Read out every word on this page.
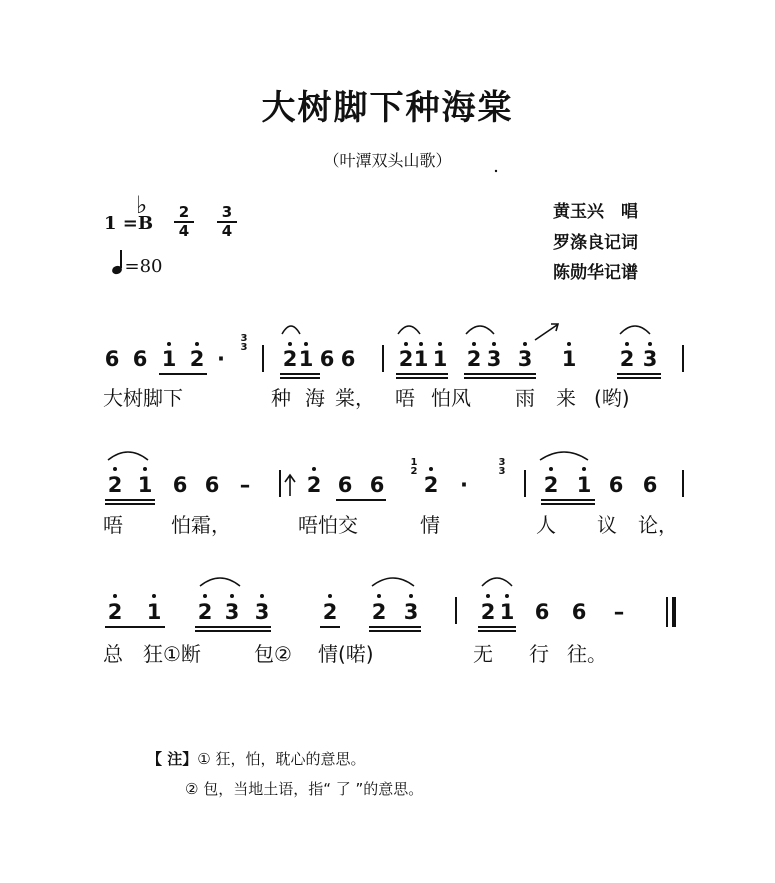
大树脚下种海棠
（叶潭双头山歌）
黄玉兴　唱
罗涤良记词
陈勋华记谱
1 =B
♭ $\frac{2}{4} \frac{3}{4}$
=80
6 6 1 2 ·
3
3 2 1 6 6 2 1 1 2 3 3 1 2 3
大树脚下	种 海 棠， 唔 怕风 雨 来 (哟)
2 1 6 6 –	2 6 6
1
2
2 ·
3
3
2 1 6 6
唔 怕霜，	唔怕交	情	人 议 论，
2 1 2 3 3	2 2 3	2 1 6 6 –
总 狂①断	包② 情(喏)	无 行 往。
【 注】① 狂，怕，耽心的意思。
② 包，当地土语，指“ 了 ”的意思。
